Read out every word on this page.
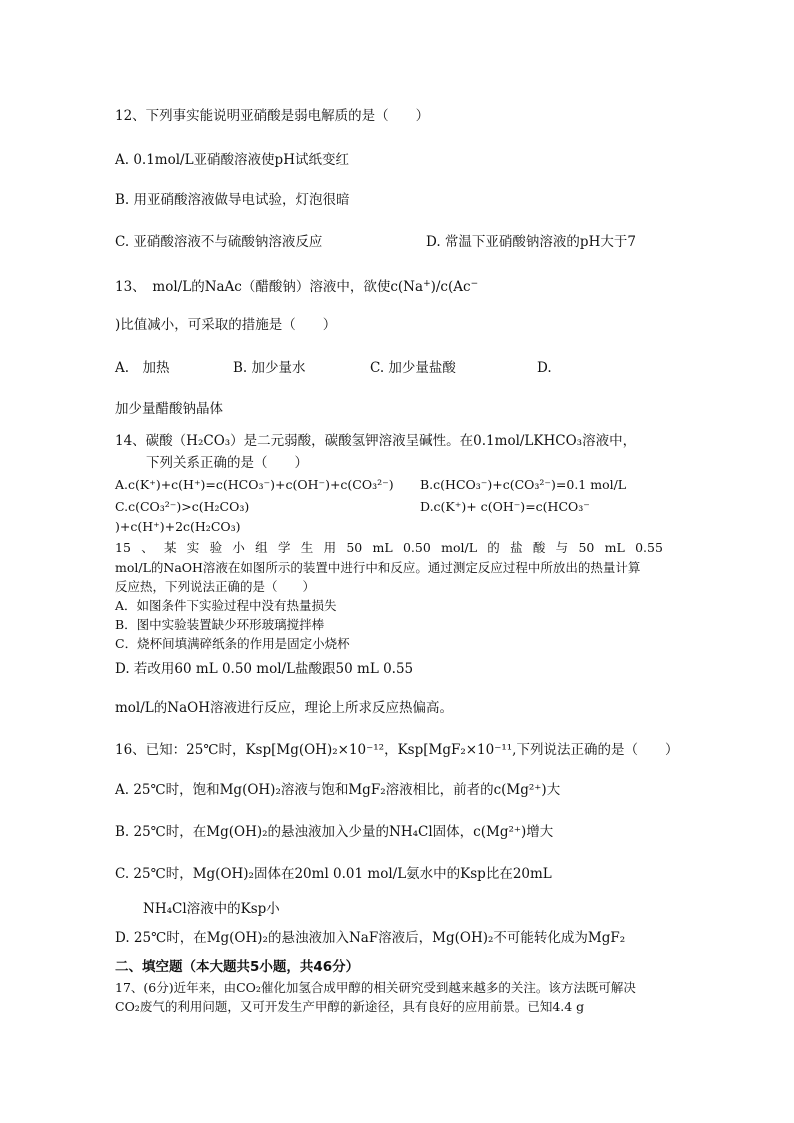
12、下列事实能说明亚硝酸是弱电解质的是（　　）
A. 0.1mol/L亚硝酸溶液使pH试纸变红
B. 用亚硝酸溶液做导电试验，灯泡很暗
C. 亚硝酸溶液不与硫酸钠溶液反应	D. 常温下亚硝酸钠溶液的pH大于7
13、　mol/L的NaAc（醋酸钠）溶液中，欲使c(Na+)/c(Ac−
)比值减小，可采取的措施是（　　）
A.　加热	B. 加少量水	C. 加少量盐酸	D.
加少量醋酸钠晶体
14、碳酸（H₂CO₃）是二元弱酸，碳酸氢钾溶液呈碱性。在0.1mol/LKHCO₃溶液中，
下列关系正确的是（　　）
A.c(K⁺)+c(H⁺)=c(HCO₃⁻)+c(OH⁻)+c(CO₃²⁻) B.c(HCO₃⁻)+c(CO₃²⁻)=0.1 mol/L
C.c(CO₃²⁻)>c(H₂CO₃)	D.c(K⁺)+ c(OH⁻)=c(HCO₃⁻
)+c(H⁺)+2c(H₂CO₃)
15 、 某 实 验 小 组 学 生 用 50 mL 0.50 mol/L 的 盐 酸 与 50 mL 0.55
mol/L的NaOH溶液在如图所示的装置中进行中和反应。通过测定反应过程中所放出的热量计算
反应热，下列说法正确的是（　　）
A．如图条件下实验过程中没有热量损失
B．图中实验装置缺少环形玻璃搅拌棒
C．烧杯间填满碎纸条的作用是固定小烧杯
D. 若改用60 mL 0.50 mol/L盐酸跟50 mL 0.55
mol/L的NaOH溶液进行反应，理论上所求反应热偏高。
16、已知：25℃时，Ksp[Mg(OH)₂×10⁻¹²，Ksp[MgF₂×10⁻¹¹,下列说法正确的是（　　）
A. 25℃时，饱和Mg(OH)₂溶液与饱和MgF₂溶液相比，前者的c(Mg²⁺)大
B. 25℃时，在Mg(OH)₂的悬浊液加入少量的NH₄Cl固体，c(Mg²⁺)增大
C. 25℃时，Mg(OH)₂固体在20ml 0.01 mol/L氨水中的Ksp比在20mL
NH₄Cl溶液中的Ksp小
D. 25℃时，在Mg(OH)₂的悬浊液加入NaF溶液后，Mg(OH)₂不可能转化成为MgF₂
二、填空题（本大题共5小题，共46分）
17、(6分)近年来，由CO₂催化加氢合成甲醇的相关研究受到越来越多的关注。该方法既可解决
CO₂废气的利用问题，又可开发生产甲醇的新途径，具有良好的应用前景。已知4.4 g
